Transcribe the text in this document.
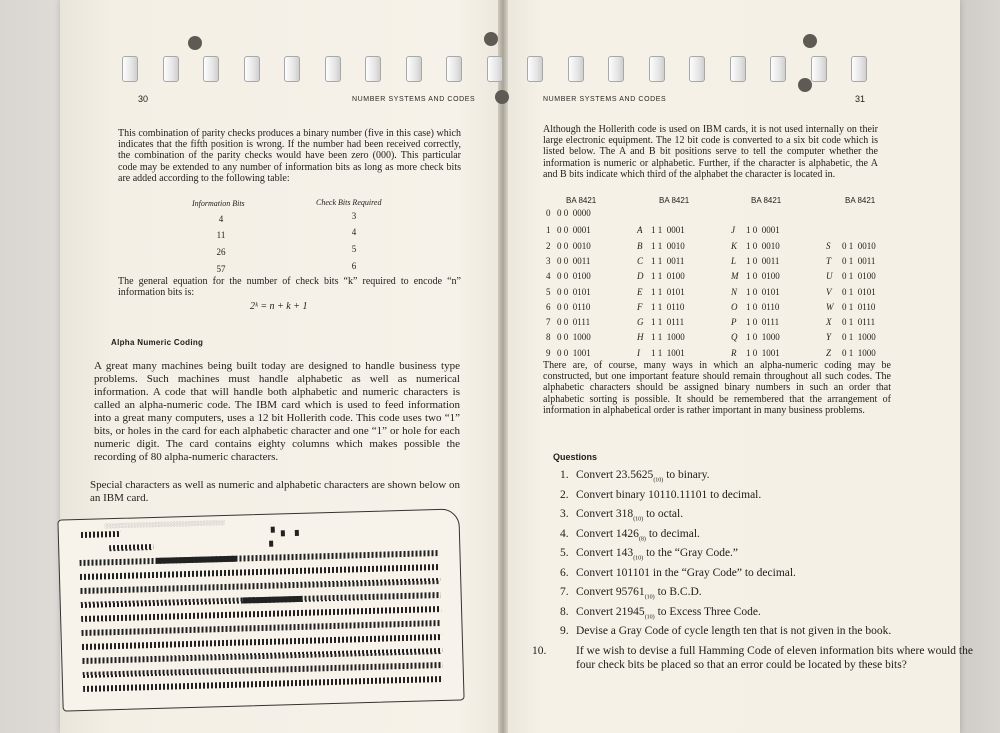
30	NUMBER SYSTEMS AND CODES
This combination of parity checks produces a binary number (five in this case) which indicates that the fifth position is wrong. If the number had been received correctly, the combination of the parity checks would have been zero (000). This particular code may be extended to any number of information bits as long as more check bits are added according to the following table:
Information Bits	Check Bits Required
4	3
11	4
26	5
57	6
The general equation for the number of check bits “k” required to encode “n” information bits is:
2ᵏ = n + k + 1
Alpha Numeric Coding
A great many machines being built today are designed to handle business type problems. Such machines must handle alphabetic as well as numerical information. A code that will handle both alphabetic and numeric characters is called an alpha-numeric code. The IBM card which is used to feed information into a great many computers, uses a 12 bit Hollerith code. This code uses two “1” bits, or holes in the card for each alphabetic character and one “1” or hole for each numeric digit. The card contains eighty columns which makes possible the recording of 80 alpha-numeric characters.
Special characters as well as numeric and alphabetic characters are shown below on an IBM card.
░░░░░░░░░░░░░░░░░░░░░░░░░░░░░░░░░░░░░░░░
NUMBER SYSTEMS AND CODES	31
Although the Hollerith code is used on IBM cards, it is not used internally on their large electronic equipment. The 12 bit code is converted to a six bit code which is listed below. The A and B bit positions serve to tell the computer whether the information is numeric or alphabetic. Further, if the character is alphabetic, the A and B bits indicate which third of the alphabet the character is located in.
BA 8421	BA 8421	BA 8421	BA 8421
0 0 0  0000
1 0 0  0001	A 1 1  0001	J 1 0  0001
2 0 0  0010	B 1 1  0010	K 1 0  0010	S 0 1  0010
3 0 0  0011	C 1 1  0011	L 1 0  0011	T 0 1  0011
4 0 0  0100	D 1 1  0100	M 1 0  0100	U 0 1  0100
5 0 0  0101	E 1 1  0101	N 1 0  0101	V 0 1  0101
6 0 0  0110	F 1 1  0110	O 1 0  0110	W 0 1  0110
7 0 0  0111	G 1 1  0111	P 1 0  0111	X 0 1  0111
8 0 0  1000	H 1 1  1000	Q 1 0  1000	Y 0 1  1000
9 0 0  1001	I 1 1  1001	R 1 0  1001	Z 0 1  1000
There are, of course, many ways in which an alpha-numeric coding may be constructed, but one important feature should remain throughout all such codes. The alphabetic characters should be assigned binary numbers in such an order that alphabetic sorting is possible. It should be remembered that the arrangement of information in alphabetical order is rather important in many business problems.
Questions
1. Convert $23.5625_{(10)}$ to binary.
2. Convert binary 10110.11101 to decimal.
3. Convert $318_{(10)}$ to octal.
4. Convert $1426_{(8)}$ to decimal.
5. Convert $143_{(10)}$ to the “Gray Code.”
6. Convert 101101 in the “Gray Code” to decimal.
7. Convert $95761_{(10)}$ to B.C.D.
8. Convert $21945_{(10)}$ to Excess Three Code.
9. Devise a Gray Code of cycle length ten that is not given in the book.
10.	If we wish to devise a full Hamming Code of eleven information bits where would the four check bits be placed so that an error could be located by these bits?
